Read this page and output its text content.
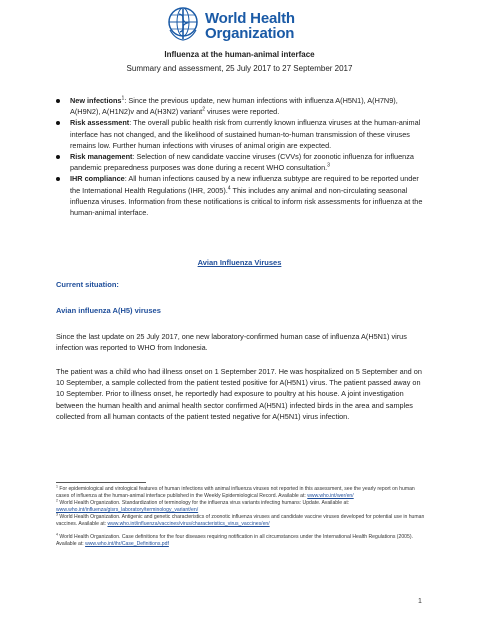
World Health
Organization
Influenza at the human-animal interface
Summary and assessment, 25 July 2017 to 27 September 2017
New infections$^1$: Since the previous update, new human infections with influenza A(H5N1), A(H7N9), A(H9N2), A(H1N2)v and A(H3N2) variant$^2$ viruses were reported.
Risk assessment: The overall public health risk from currently known influenza viruses at the human-animal interface has not changed, and the likelihood of sustained human-to-human transmission of these viruses remains low. Further human infections with viruses of animal origin are expected.
Risk management: Selection of new candidate vaccine viruses (CVVs) for zoonotic influenza for influenza pandemic preparedness purposes was done during a recent WHO consultation.$^3$
IHR compliance: All human infections caused by a new influenza subtype are required to be reported under the International Health Regulations (IHR, 2005).$^4$ This includes any animal and non-circulating seasonal influenza viruses. Information from these notifications is critical to inform risk assessments for influenza at the human-animal interface.
Avian Influenza Viruses
Current situation:
Avian influenza A(H5) viruses
Since the last update on 25 July 2017, one new laboratory-confirmed human case of influenza A(H5N1) virus infection was reported to WHO from Indonesia.
The patient was a child who had illness onset on 1 September 2017. He was hospitalized on 5 September and on 10 September, a sample collected from the patient tested positive for A(H5N1) virus. The patient passed away on 10 September. Prior to illness onset, he reportedly had exposure to poultry at his house. A joint investigation between the human health and animal health sector confirmed A(H5N1) infected birds in the area and samples collected from all human contacts of the patient tested negative for A(H5N1) virus infection.
$^1$ For epidemiological and virological features of human infections with animal influenza viruses not reported in this assessment, see the yearly report on human cases of influenza at the human-animal interface published in the Weekly Epidemiological Record. Available at: www.who.int/wer/en/
$^2$ World Health Organization. Standardization of terminology for the influenza virus variants infecting humans: Update. Available at: www.who.int/influenza/gisrs_laboratory/terminology_variant/en/
$^3$ World Health Organization. Antigenic and genetic characteristics of zoonotic influenza viruses and candidate vaccine viruses developed for potential use in human vaccines. Available at: www.who.int/influenza/vaccines/virus/characteristics_virus_vaccines/en/
$^4$ World Health Organization. Case definitions for the four diseases requiring notification in all circumstances under the International Health Regulations (2005). Available at: www.who.int/ihr/Case_Definitions.pdf
1
